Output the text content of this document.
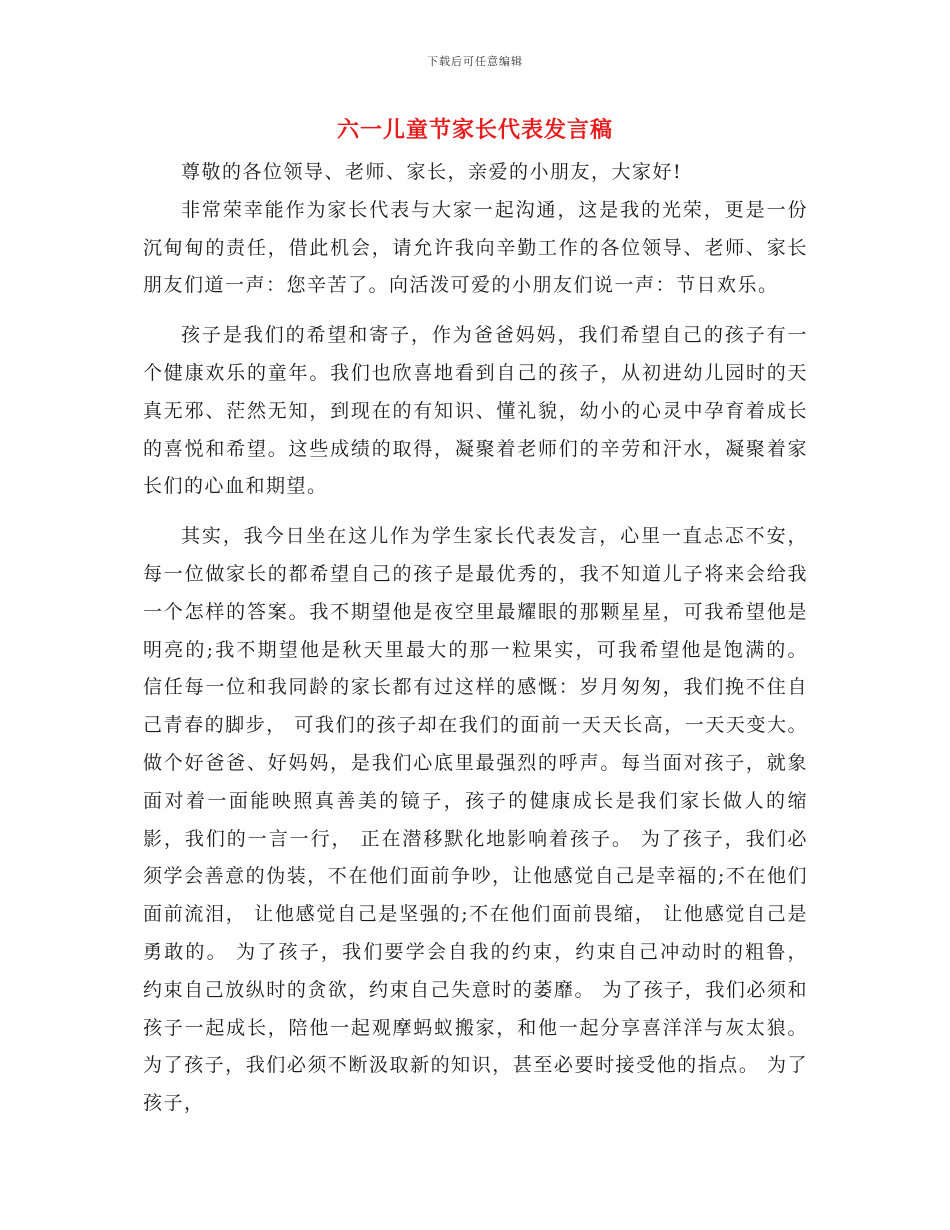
下载后可任意编辑
六一儿童节家长代表发言稿

尊敬的各位领导、老师、家长，亲爱的小朋友，大家好!

非常荣幸能作为家长代表与大家一起沟通，这是我的光荣，更是一份沉甸甸的责任，借此机会，请允许我向辛勤工作的各位领导、老师、家长朋友们道一声：您辛苦了。向活泼可爱的小朋友们说一声：节日欢乐。

孩子是我们的希望和寄子，作为爸爸妈妈，我们希望自己的孩子有一个健康欢乐的童年。我们也欣喜地看到自己的孩子，从初进幼儿园时的天真无邪、茫然无知，到现在的有知识、懂礼貌，幼小的心灵中孕育着成长的喜悦和希望。这些成绩的取得，凝聚着老师们的辛劳和汗水，凝聚着家长们的心血和期望。

其实，我今日坐在这儿作为学生家长代表发言，心里一直忐忑不安，每一位做家长的都希望自己的孩子是最优秀的，我不知道儿子将来会给我一个怎样的答案。我不期望他是夜空里最耀眼的那颗星星，可我希望他是明亮的;我不期望他是秋天里最大的那一粒果实，可我希望他是饱满的。 信任每一位和我同龄的家长都有过这样的感慨：岁月匆匆，我们挽不住自己青春的脚步， 可我们的孩子却在我们的面前一天天长高，一天天变大。做个好爸爸、好妈妈，是我们心底里最强烈的呼声。每当面对孩子，就象面对着一面能映照真善美的镜子，孩子的健康成长是我们家长做人的缩影，我们的一言一行， 正在潜移默化地影响着孩子。 为了孩子，我们必须学会善意的伪装，不在他们面前争吵，让他感觉自己是幸福的;不在他们面前流泪， 让他感觉自己是坚强的;不在他们面前畏缩， 让他感觉自己是勇敢的。 为了孩子，我们要学会自我的约束，约束自己冲动时的粗鲁， 约束自己放纵时的贪欲，约束自己失意时的萎靡。 为了孩子，我们必须和孩子一起成长，陪他一起观摩蚂蚁搬家，和他一起分享喜洋洋与灰太狼。 为了孩子，我们必须不断汲取新的知识，甚至必要时接受他的指点。 为了孩子，
